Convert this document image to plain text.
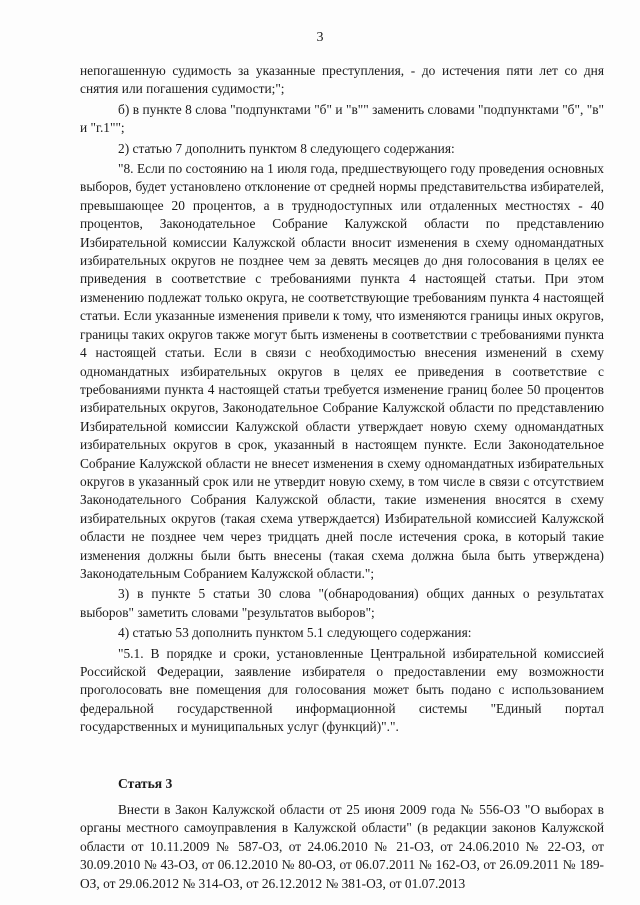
3

непогашенную судимость за указанные преступления, - до истечения пяти лет со дня снятия или погашения судимости;";

б) в пункте 8 слова "подпунктами "б" и "в"" заменить словами "подпунктами "б", "в" и "г.1"";

2) статью 7 дополнить пунктом 8 следующего содержания:

"8. Если по состоянию на 1 июля года, предшествующего году проведения основных выборов, будет установлено отклонение от средней нормы представительства избирателей, превышающее 20 процентов, а в труднодоступных или отдаленных местностях - 40 процентов, Законодательное Собрание Калужской области по представлению Избирательной комиссии Калужской области вносит изменения в схему одномандатных избирательных округов не позднее чем за девять месяцев до дня голосования в целях ее приведения в соответствие с требованиями пункта 4 настоящей статьи. При этом изменению подлежат только округа, не соответствующие требованиям пункта 4 настоящей статьи. Если указанные изменения привели к тому, что изменяются границы иных округов, границы таких округов также могут быть изменены в соответствии с требованиями пункта 4 настоящей статьи. Если в связи с необходимостью внесения изменений в схему одномандатных избирательных округов в целях ее приведения в соответствие с требованиями пункта 4 настоящей статьи требуется изменение границ более 50 процентов избирательных округов, Законодательное Собрание Калужской области по представлению Избирательной комиссии Калужской области утверждает новую схему одномандатных избирательных округов в срок, указанный в настоящем пункте. Если Законодательное Собрание Калужской области не внесет изменения в схему одномандатных избирательных округов в указанный срок или не утвердит новую схему, в том числе в связи с отсутствием Законодательного Собрания Калужской области, такие изменения вносятся в схему избирательных округов (такая схема утверждается) Избирательной комиссией Калужской области не позднее чем через тридцать дней после истечения срока, в который такие изменения должны были быть внесены (такая схема должна была быть утверждена) Законодательным Собранием Калужской области.";

3) в пункте 5 статьи 30 слова "(обнародования) общих данных о результатах выборов" заметить словами "результатов выборов";

4) статью 53 дополнить пунктом 5.1 следующего содержания:

"5.1. В порядке и сроки, установленные Центральной избирательной комиссией Российской Федерации, заявление избирателя о предоставлении ему возможности проголосовать вне помещения для голосования может быть подано с использованием федеральной государственной информационной системы "Единый портал государственных и муниципальных услуг (функций)".".

Статья 3

Внести в Закон Калужской области от 25 июня 2009 года № 556-ОЗ "О выборах в органы местного самоуправления в Калужской области" (в редакции законов Калужской области от 10.11.2009 № 587-ОЗ, от 24.06.2010 № 21-ОЗ, от 24.06.2010 № 22-ОЗ, от 30.09.2010 № 43-ОЗ, от 06.12.2010 № 80-ОЗ, от 06.07.2011 № 162-ОЗ, от 26.09.2011 № 189-ОЗ, от 29.06.2012 № 314-ОЗ, от 26.12.2012 № 381-ОЗ, от 01.07.2013
